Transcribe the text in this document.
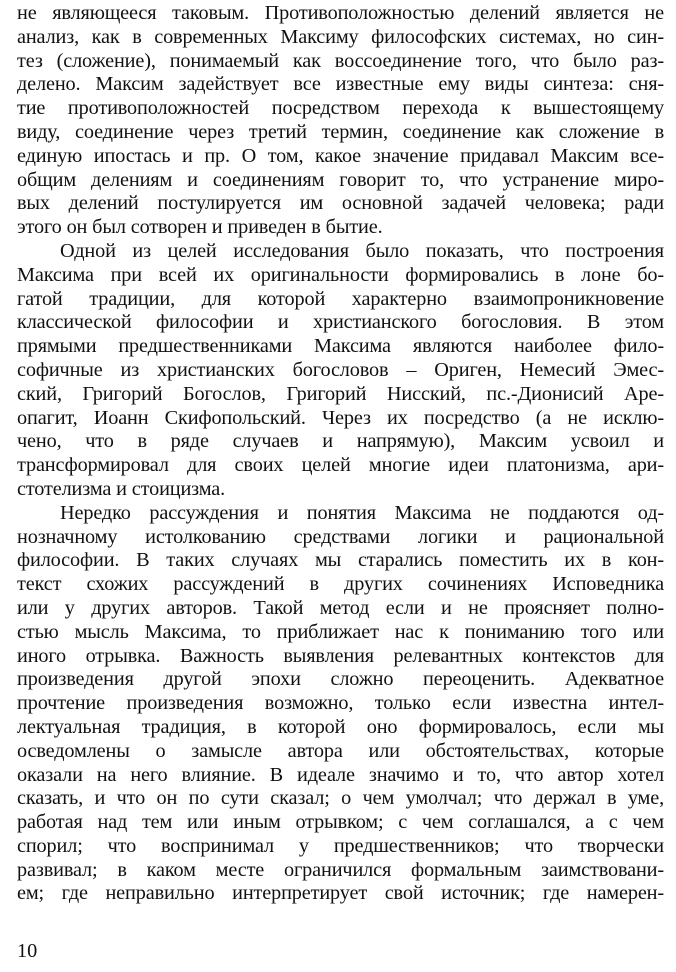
не являющееся таковым. Противоположностью делений является не
анализ, как в современных Максиму философских системах, но син-
тез (сложение), понимаемый как воссоединение того, что было раз-
делено. Максим задействует все известные ему виды синтеза: сня-
тие противоположностей посредством перехода к вышестоящему
виду, соединение через третий термин, соединение как сложение в
единую ипостась и пр. О том, какое значение придавал Максим все-
общим делениям и соединениям говорит то, что устранение миро-
вых делений постулируется им основной задачей человека; ради
этого он был сотворен и приведен в бытие.
Одной из целей исследования было показать, что построения
Максима при всей их оригинальности формировались в лоне бо-
гатой традиции, для которой характерно взаимопроникновение
классической философии и христианского богословия. В этом
прямыми предшественниками Максима являются наиболее фило-
софичные из христианских богословов – Ориген, Немесий Эмес-
ский, Григорий Богослов, Григорий Нисский, пс.-Дионисий Аре-
опагит, Иоанн Скифопольский. Через их посредство (а не исклю-
чено, что в ряде случаев и напрямую), Максим усвоил и
трансформировал для своих целей многие идеи платонизма, ари-
стотелизма и стоицизма.
Нередко рассуждения и понятия Максима не поддаются од-
нозначному истолкованию средствами логики и рациональной
философии. В таких случаях мы старались поместить их в кон-
текст схожих рассуждений в других сочинениях Исповедника
или у других авторов. Такой метод если и не проясняет полно-
стью мысль Максима, то приближает нас к пониманию того или
иного отрывка. Важность выявления релевантных контекстов для
произведения другой эпохи сложно переоценить. Адекватное
прочтение произведения возможно, только если известна интел-
лектуальная традиция, в которой оно формировалось, если мы
осведомлены о замысле автора или обстоятельствах, которые
оказали на него влияние. В идеале значимо и то, что автор хотел
сказать, и что он по сути сказал; о чем умолчал; что держал в уме,
работая над тем или иным отрывком; с чем соглашался, а с чем
спорил; что воспринимал у предшественников; что творчески
развивал; в каком месте ограничился формальным заимствовани-
ем; где неправильно интерпретирует свой источник; где намерен-
10
